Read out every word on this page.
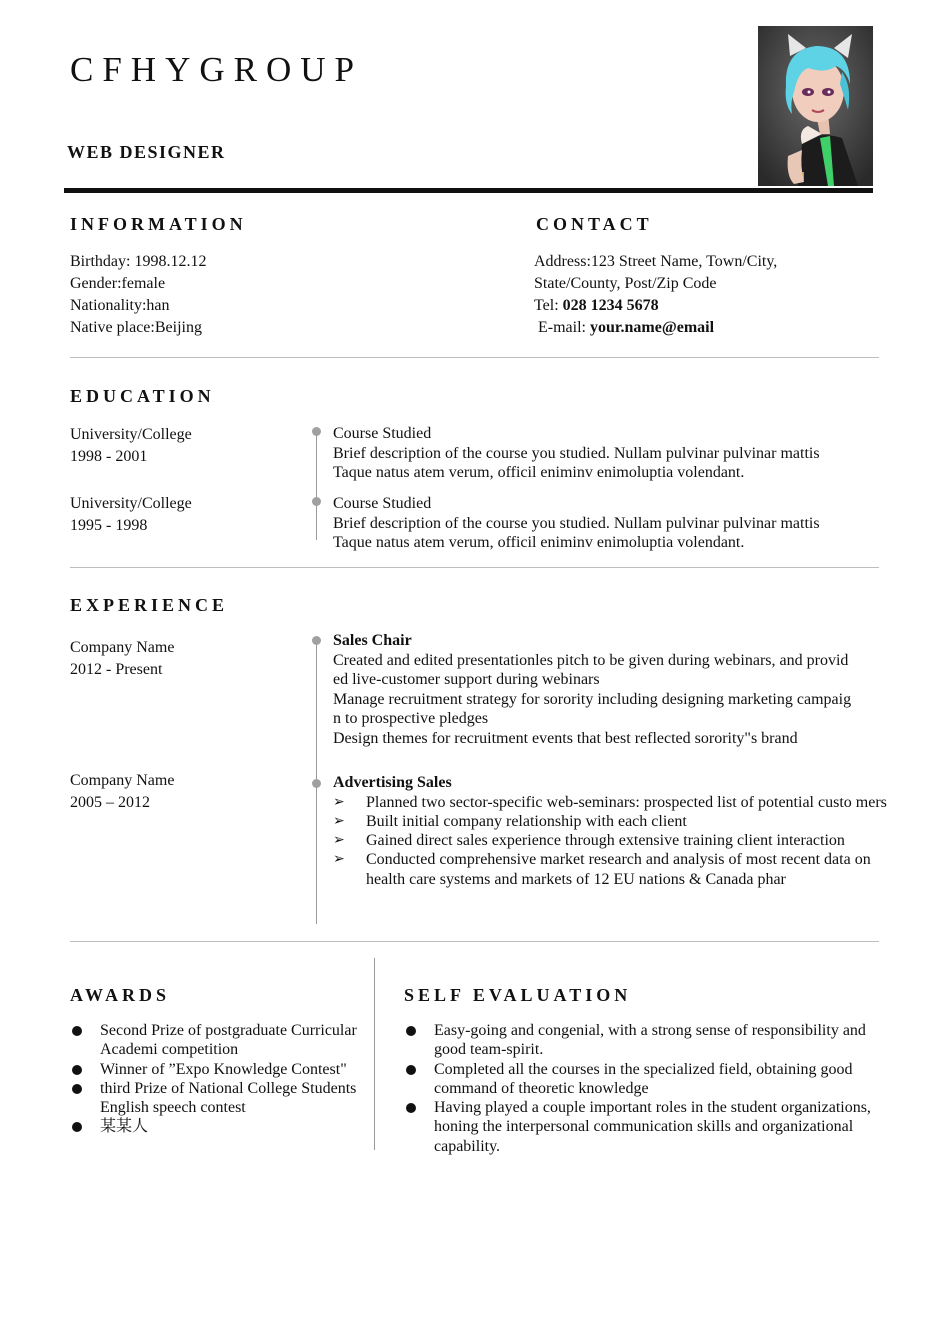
CFHYGROUP
WEB DESIGNER
INFORMATION
Birthday: 1998.12.12
Gender:female
Nationality:han
Native place:Beijing
CONTACT
Address:123 Street Name, Town/City,
State/County, Post/Zip Code
Tel: 028 1234 5678
E-mail: your.name@email
EDUCATION
University/College
1998 - 2001
Course Studied
Brief description of the course you studied. Nullam pulvinar pulvinar mattis
Taque natus atem verum, officil eniminv enimoluptia volendant.
University/College
1995 - 1998
Course Studied
Brief description of the course you studied. Nullam pulvinar pulvinar mattis
Taque natus atem verum, officil eniminv enimoluptia volendant.
EXPERIENCE
Company Name
2012 - Present
Sales Chair
Created and edited presentationles pitch to be given during webinars, and provid
ed live-customer support during webinars
Manage recruitment strategy for sorority including designing marketing campaig
n to prospective pledges
Design themes for recruitment events that best reflected sorority"s brand
Company Name
2005 – 2012
Advertising Sales
➢	Planned two sector-specific web-seminars: prospected list of potential custo mers
➢	Built initial company relationship with each client
➢	Gained direct sales experience through extensive training client interaction
➢	Conducted comprehensive market research and analysis of most recent data on health care systems and markets of 12 EU nations & Canada phar
AWARDS
Second Prize of postgraduate Curricular Academi competition
Winner of ”Expo Knowledge Contest"
third Prize of National College Students English speech contest
某某人
SELF EVALUATION
Easy-going and congenial, with a strong sense of responsibility and good team-spirit.
Completed all the courses in the specialized field, obtaining good command of theoretic knowledge
Having played a couple important roles in the student organizations, honing the interpersonal communication skills and organizational capability.
